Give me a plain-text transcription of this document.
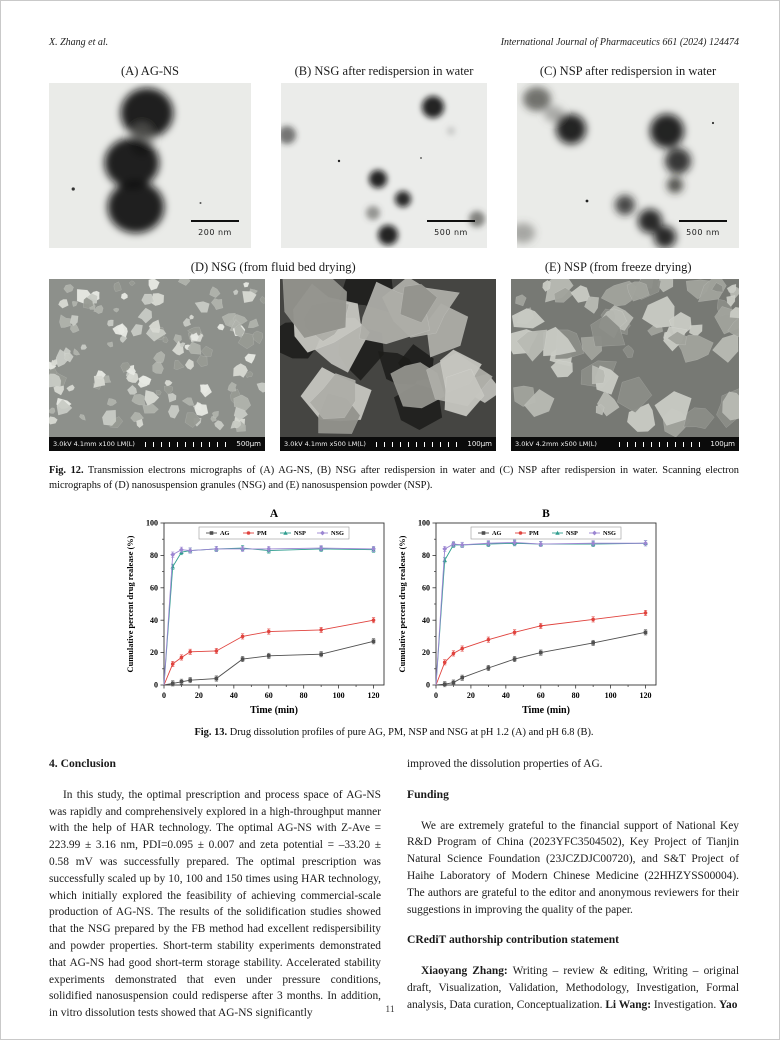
X. Zhang et al.	International Journal of Pharmaceutics 661 (2024) 124474
(A) AG-NS	(B) NSG after redispersion in water	(C) NSP after redispersion in water
200 nm	500 nm	500 nm
(D) NSG (from fluid bed drying)	(E) NSP (from freeze drying)
3.0kV 4.1mm x100 LM(L)	500μm	3.0kV 4.1mm x500 LM(L)	100μm	3.0kV 4.2mm x500 LM(L)	100μm

Fig. 12. Transmission electrons micrographs of (A) AG-NS, (B) NSG after redispersion in water and (C) NSP after redispersion in water. Scanning electron micrographs of (D) nanosuspension granules (NSG) and (E) nanosuspension powder (NSP).

A
0
20
40
60
80
100
0	20	40	60	80	100	120
Time (min)
Cumulative percent drug realease (%)
AG	PM	NSP	NSG
B
0
20
40
60
80
100
0	20	40	60	80	100	120
Time (min)
Cumulative percent drug realease (%)
AG	PM	NSP	NSG

Fig. 13. Drug dissolution profiles of pure AG, PM, NSP and NSG at pH 1.2 (A) and pH 6.8 (B).

4. Conclusion

In this study, the optimal prescription and process space of AG-NS was rapidly and comprehensively explored in a high-throughput manner with the help of HAR technology. The optimal AG-NS with Z-Ave = 223.99 ± 3.16 nm, PDI=0.095 ± 0.007 and zeta potential = –33.20 ± 0.58 mV was successfully prepared. The optimal prescription was successfully scaled up by 10, 100 and 150 times using HAR technology, which initially explored the feasibility of achieving commercial-scale production of AG-NS. The results of the solidification studies showed that the NSG prepared by the FB method had excellent redispersibility and powder properties. Short-term stability experiments demonstrated that AG-NS had good short-term storage stability. Accelerated stability experiments demonstrated that even under pressure conditions, solidified nanosuspension could redisperse after 3 months. In addition, in vitro dissolution tests showed that AG-NS significantly

improved the dissolution properties of AG.

Funding

We are extremely grateful to the financial support of National Key R&D Program of China (2023YFC3504502), Key Project of Tianjin Natural Science Foundation (23JCZDJC00720), and S&T Project of Haihe Laboratory of Modern Chinese Medicine (22HHZYSS00004). The authors are grateful to the editor and anonymous reviewers for their suggestions in improving the quality of the paper.

CRediT authorship contribution statement

Xiaoyang Zhang: Writing – review & editing, Writing – original draft, Visualization, Validation, Methodology, Investigation, Formal analysis, Data curation, Conceptualization. Li Wang: Investigation. Yao

11
